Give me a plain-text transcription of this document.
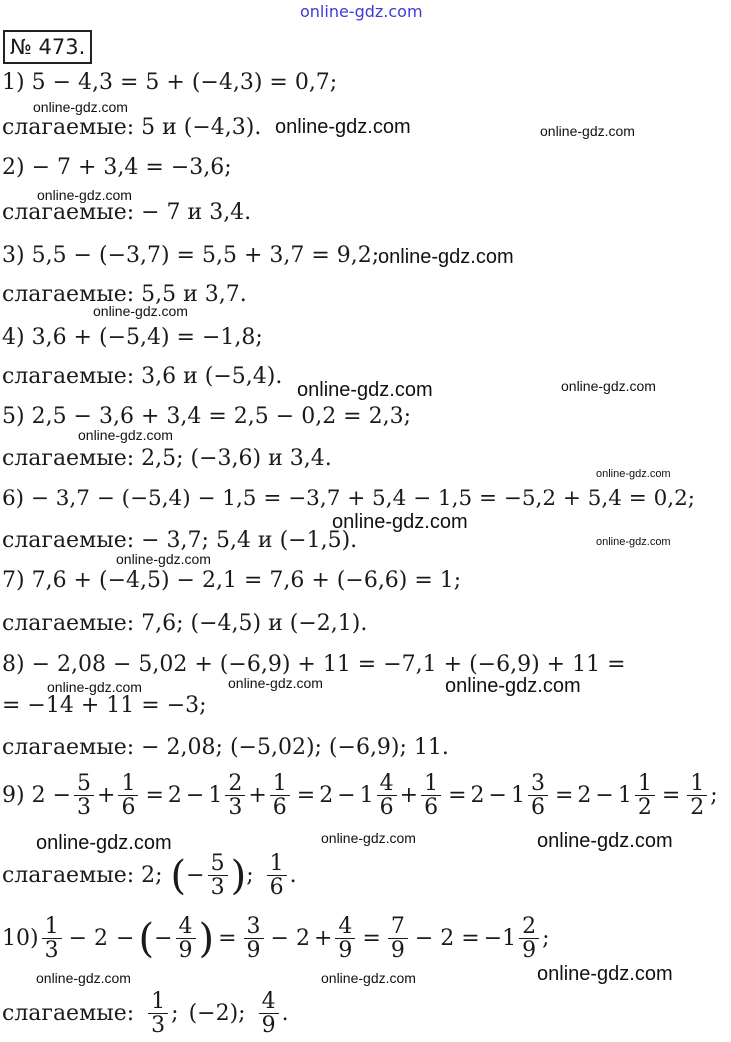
online-gdz.com
№ 473.
1) 5 − 4,3 = 5 + (−4,3) = 0,7;
слагаемые: 5 и (−4,3).
2) − 7 + 3,4 = −3,6;
слагаемые: − 7 и 3,4.
3) 5,5 − (−3,7) = 5,5 + 3,7 = 9,2;
слагаемые: 5,5 и 3,7.
4) 3,6 + (−5,4) = −1,8;
слагаемые: 3,6 и (−5,4).
5) 2,5 − 3,6 + 3,4 = 2,5 − 0,2 = 2,3;
слагаемые: 2,5; (−3,6) и 3,4.
6) − 3,7 − (−5,4) − 1,5 = −3,7 + 5,4 − 1,5 = −5,2 + 5,4 = 0,2;
слагаемые: − 3,7; 5,4 и (−1,5).
7) 7,6 + (−4,5) − 2,1 = 7,6 + (−6,6) = 1;
слагаемые: 7,6; (−4,5) и (−2,1).
8) − 2,08 − 5,02 + (−6,9) + 11 = −7,1 + (−6,9) + 11 =
= −14 + 11 = −3;
слагаемые: − 2,08; (−5,02); (−6,9); 11.
9) $2 - \frac{5}{3} + \frac{1}{6} = 2 - 1 \frac{2}{3} + \frac{1}{6} = 2 - 1 \frac{4}{6} + \frac{1}{6} = 2 - 1 \frac{3}{6} = 2 - 1 \frac{1}{2} = \frac{1}{2}$ ;
слагаемые: 2; ( − $\frac{5}{3}$ ) ; $\frac{1}{6}$ .
$10) \frac{1}{3} - 2$ − ( − $\frac{4}{9}$ ) = $\frac{3}{9} - 2 + \frac{4}{9} = \frac{7}{9} - 2 = -1 \frac{2}{9}$ ;
слагаемые: $\frac{1}{3}$ ; (−2); $\frac{4}{9}$ .
online-gdz.com
online-gdz.com	online-gdz.com
online-gdz.com
online-gdz.com
online-gdz.com
online-gdz.com	online-gdz.com
online-gdz.com
online-gdz.com
online-gdz.com
online-gdz.com
online-gdz.com
online-gdz.com	online-gdz.com	online-gdz.com
online-gdz.com	online-gdz.com	online-gdz.com
online-gdz.com	online-gdz.com	online-gdz.com
